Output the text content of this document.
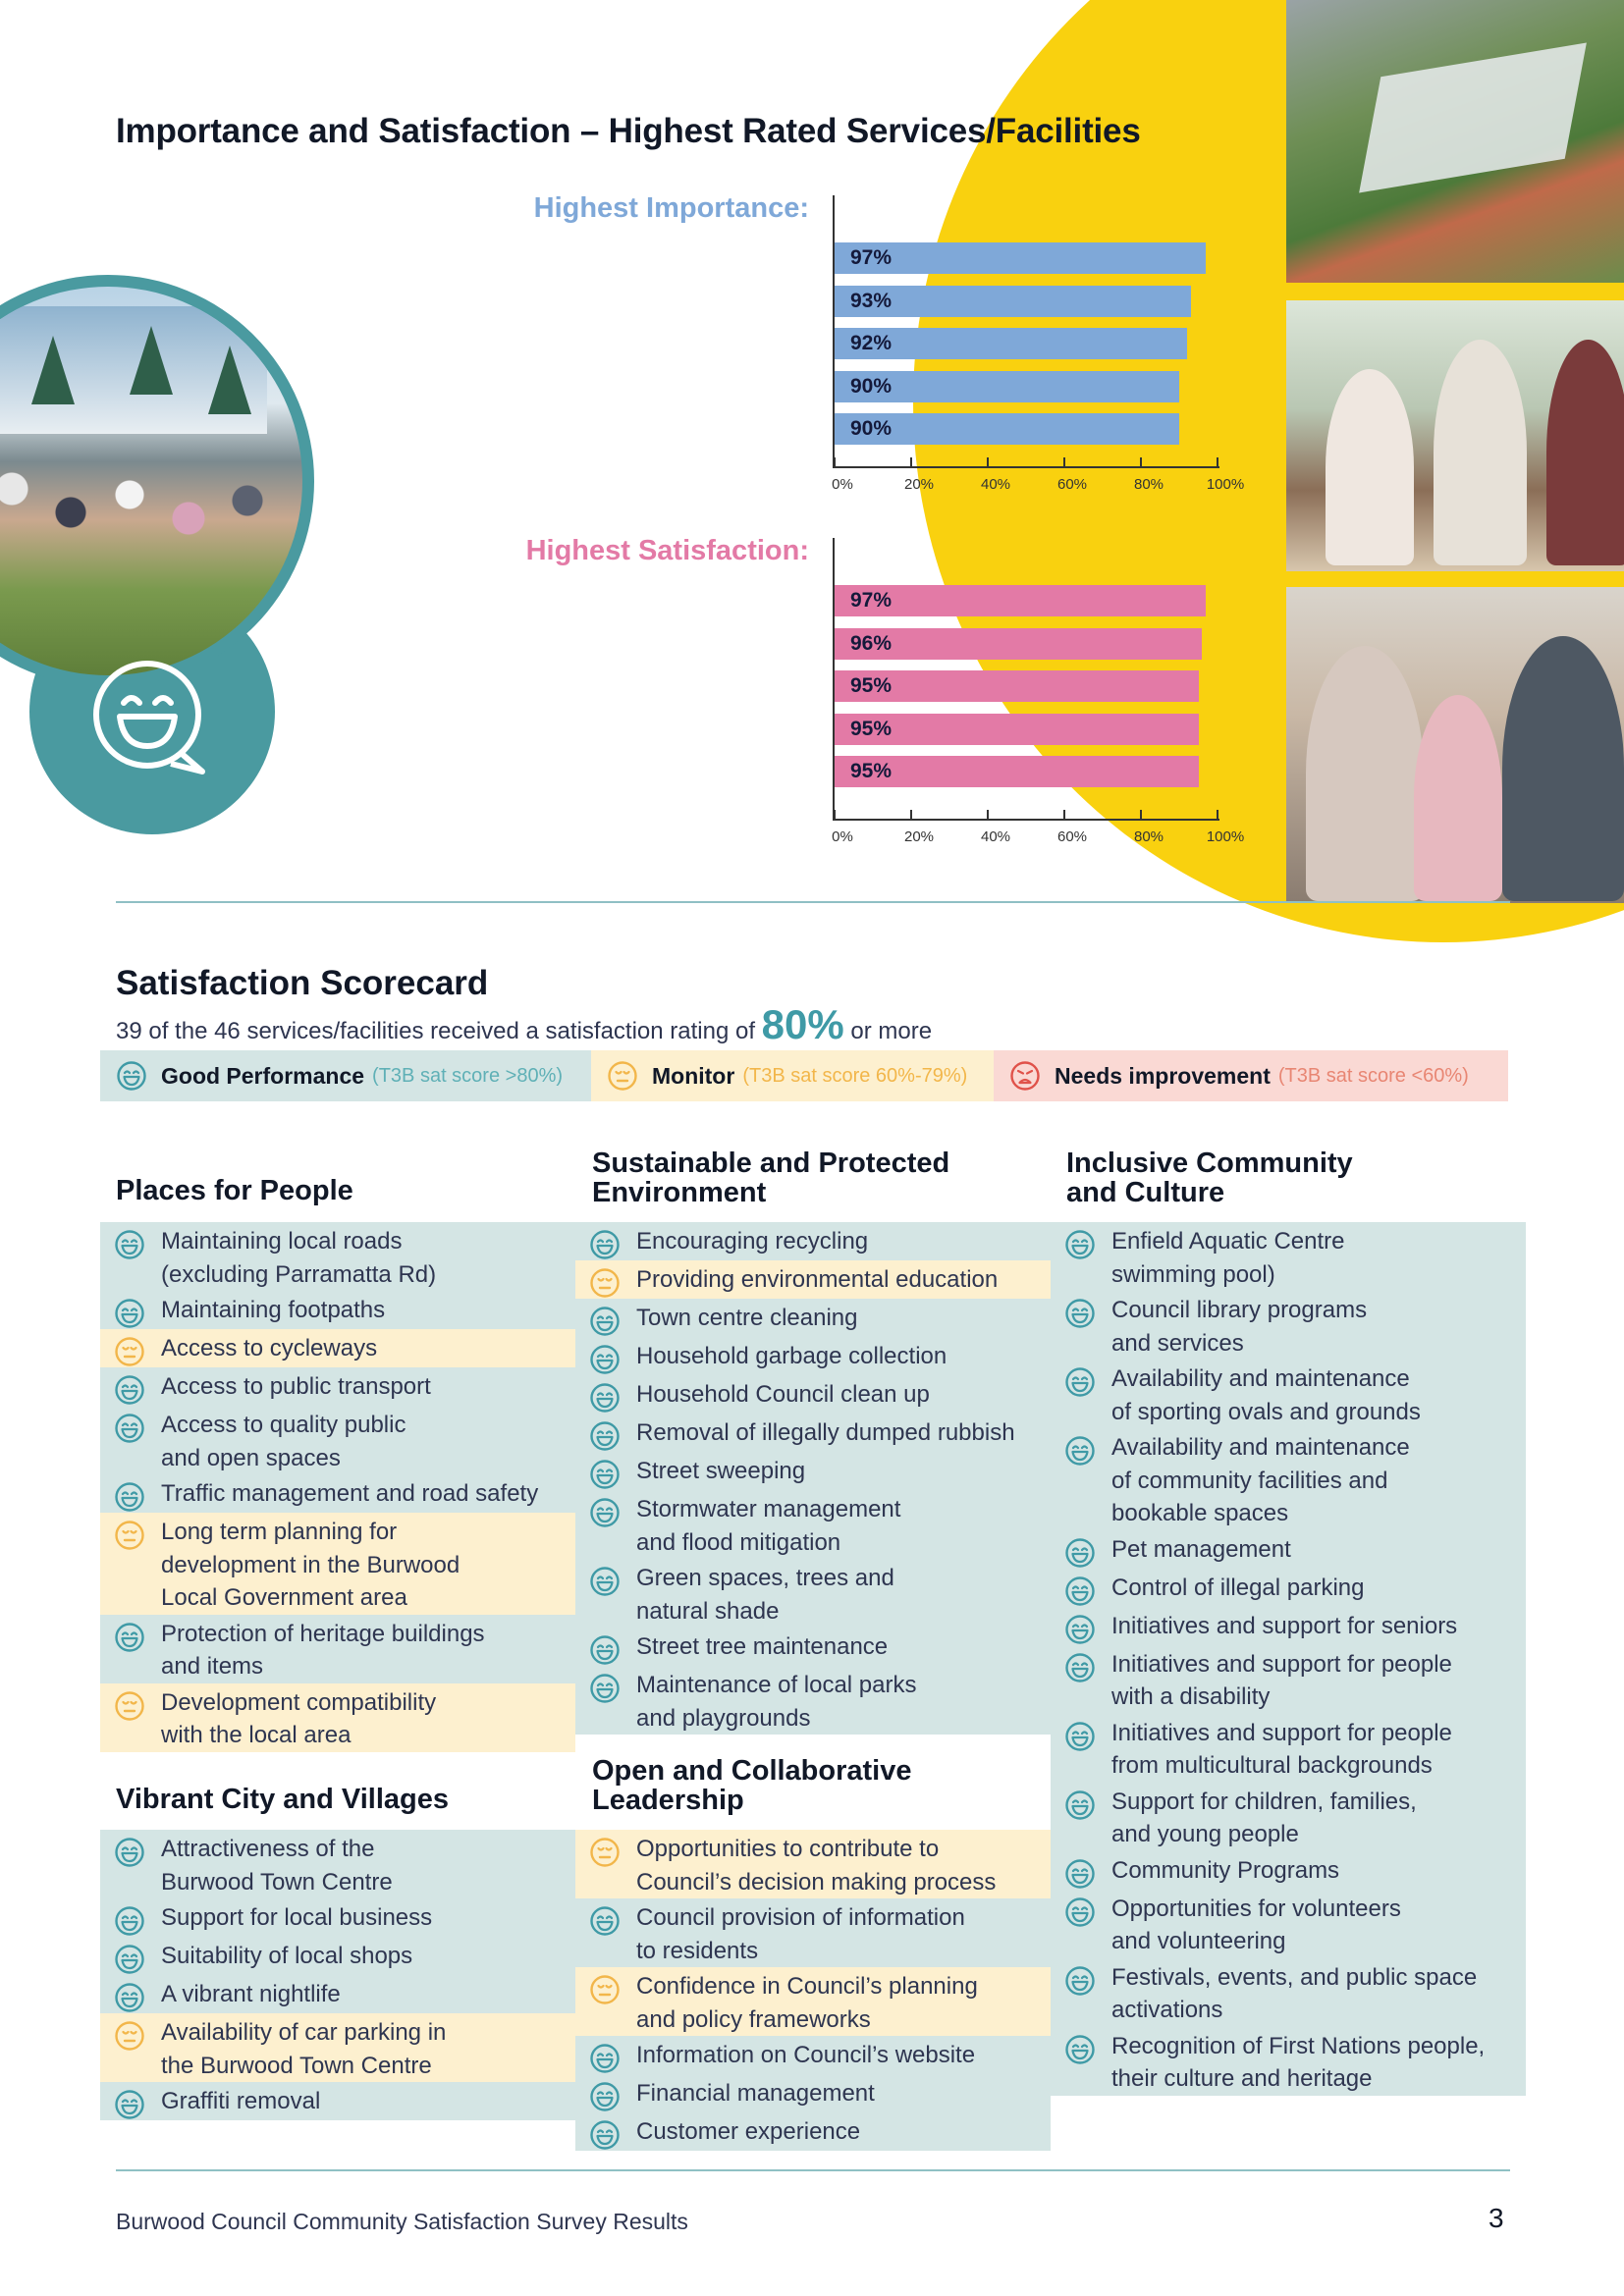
Importance and Satisfaction – Highest Rated Services/Facilities
Highest Importance:
97%
93%
92%
90%
90%
0%	20%	40%	60%	80%	100%
Highest Satisfaction:
97%
96%
95%
95%
95%
0%	20%	40%	60%	80%	100%
Satisfaction Scorecard
39 of the 46 services/facilities received a satisfaction rating of 80% or more
Good Performance (T3B sat score >80%)	Monitor (T3B sat score 60%-79%)	Needs improvement (T3B sat score <60%)
Places for People
Maintaining local roads
(excluding Parramatta Rd)
Maintaining footpaths
Access to cycleways
Access to public transport
Access to quality public
and open spaces
Traffic management and road safety
Long term planning for
development in the Burwood
Local Government area
Protection of heritage buildings
and items
Development compatibility
with the local area
Vibrant City and Villages
Attractiveness of the
Burwood Town Centre
Support for local business
Suitability of local shops
A vibrant nightlife
Availability of car parking in
the Burwood Town Centre
Graffiti removal
Sustainable and Protected
Environment
Encouraging recycling
Providing environmental education
Town centre cleaning
Household garbage collection
Household Council clean up
Removal of illegally dumped rubbish
Street sweeping
Stormwater management
and flood mitigation
Green spaces, trees and
natural shade
Street tree maintenance
Maintenance of local parks
and playgrounds
Open and Collaborative
Leadership
Opportunities to contribute to
Council’s decision making process
Council provision of information
to residents
Confidence in Council’s planning
and policy frameworks
Information on Council’s website
Financial management
Customer experience
Inclusive Community
and Culture
Enfield Aquatic Centre
swimming pool)
Council library programs
and services
Availability and maintenance
of sporting ovals and grounds
Availability and maintenance
of community facilities and
bookable spaces
Pet management
Control of illegal parking
Initiatives and support for seniors
Initiatives and support for people
with a disability
Initiatives and support for people
from multicultural backgrounds
Support for children, families,
and young people
Community Programs
Opportunities for volunteers
and volunteering
Festivals, events, and public space
activations
Recognition of First Nations people,
their culture and heritage
Burwood Council Community Satisfaction Survey Results	3
